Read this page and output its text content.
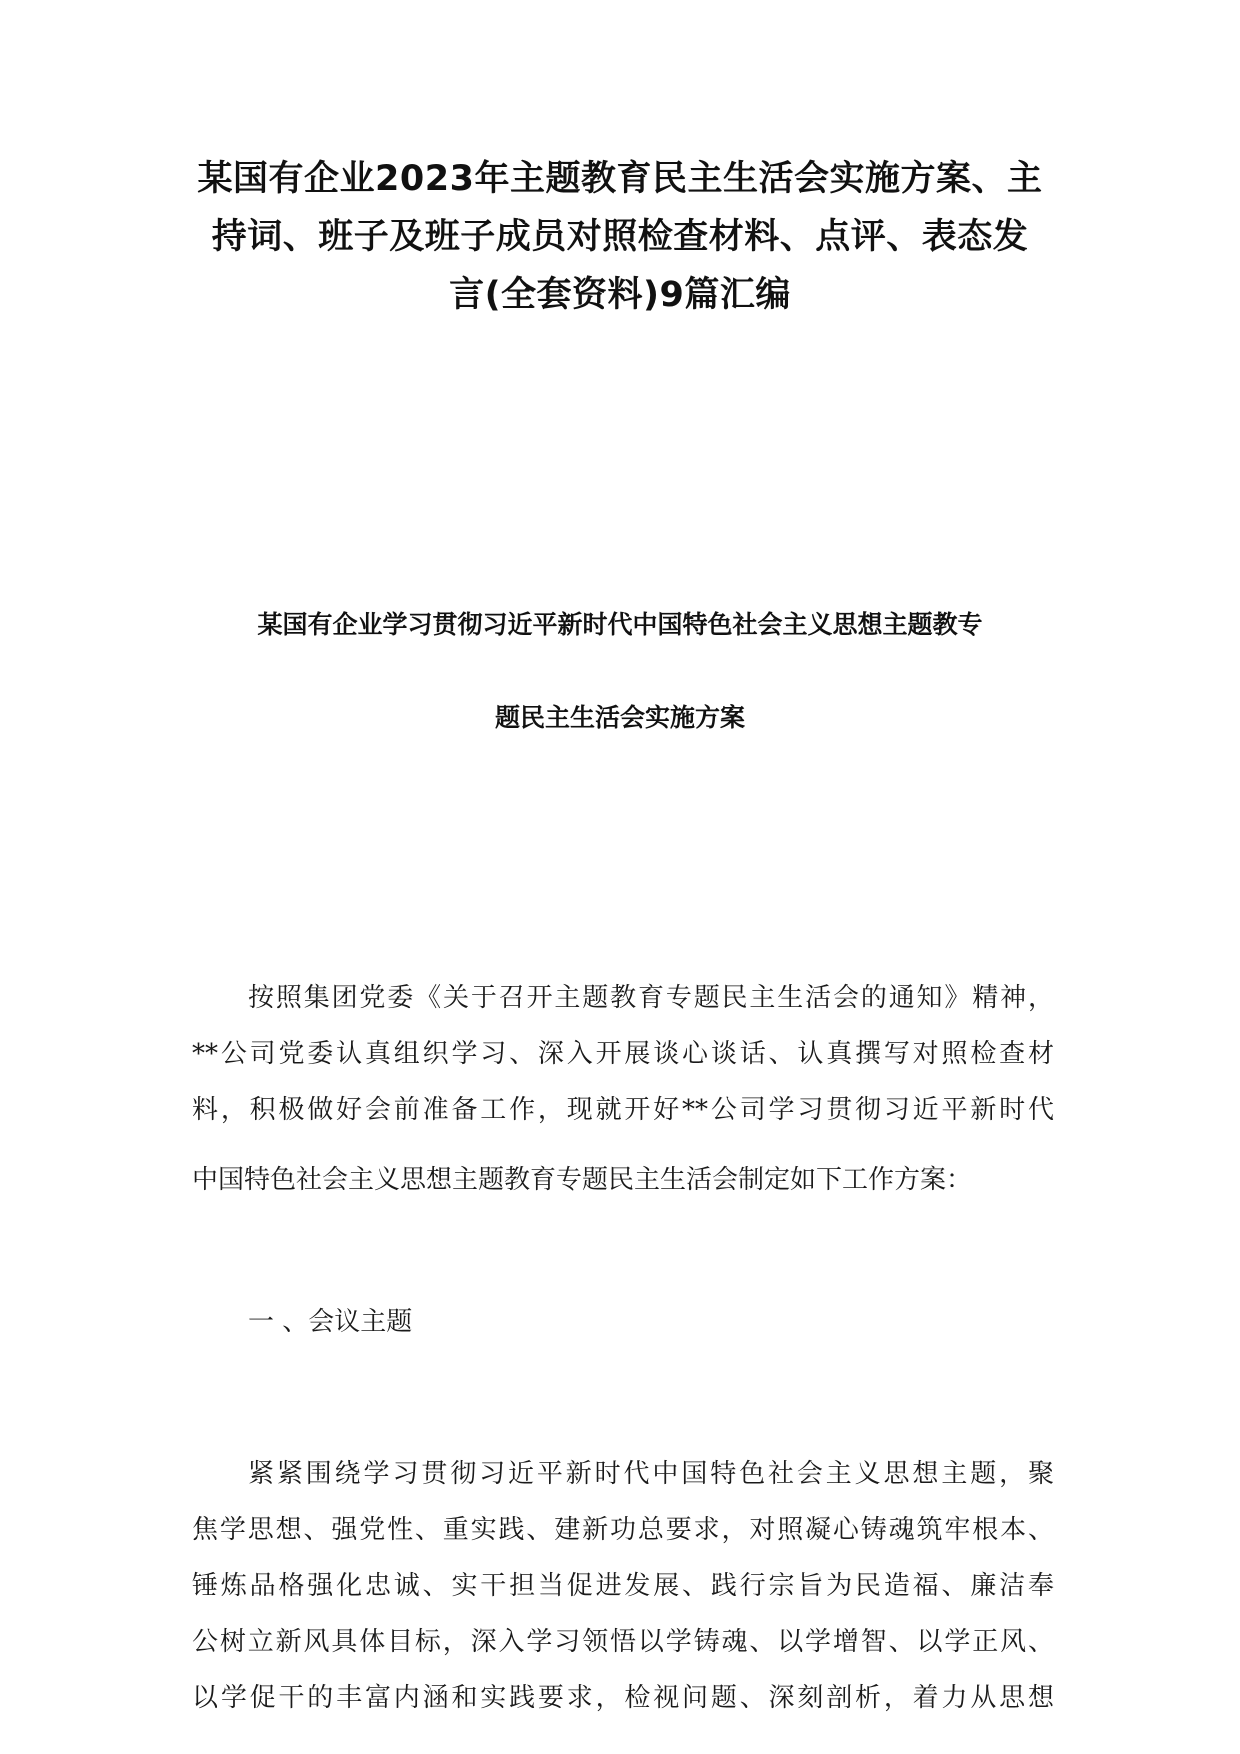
某国有企业2023年主题教育民主生活会实施方案、主
持词、班子及班子成员对照检查材料、点评、表态发
言(全套资料)9篇汇编
某国有企业学习贯彻习近平新时代中国特色社会主义思想主题教专
题民主生活会实施方案
按照集团党委《关于召开主题教育专题民主生活会的通知》精神，
**公司党委认真组织学习、深入开展谈心谈话、认真撰写对照检查材
料，积极做好会前准备工作，现就开好**公司学习贯彻习近平新时代
中国特色社会主义思想主题教育专题民主生活会制定如下工作方案：
一 、会议主题
紧紧围绕学习贯彻习近平新时代中国特色社会主义思想主题，聚
焦学思想、强党性、重实践、建新功总要求，对照凝心铸魂筑牢根本、
锤炼品格强化忠诚、实干担当促进发展、践行宗旨为民造福、廉洁奉
公树立新风具体目标，深入学习领悟以学铸魂、以学增智、以学正风、
以学促干的丰富内涵和实践要求，检视问题、深刻剖析，着力从思想
